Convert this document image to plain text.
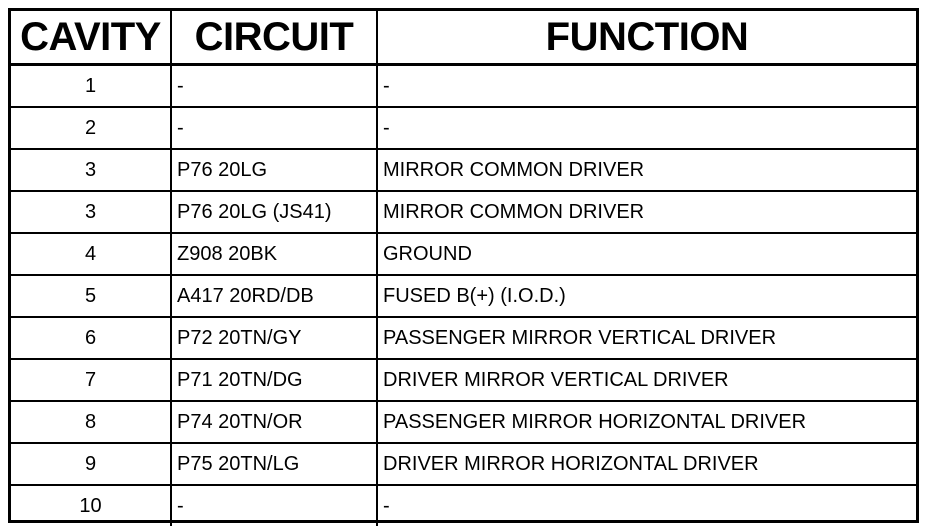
CAVITY	CIRCUIT	FUNCTION
1	-	-
2	-	-
3	P76 20LG	MIRROR COMMON DRIVER
3	P76 20LG (JS41)	MIRROR COMMON DRIVER
4	Z908 20BK	GROUND
5	A417 20RD/DB	FUSED B(+) (I.O.D.)
6	P72 20TN/GY	PASSENGER MIRROR VERTICAL DRIVER
7	P71 20TN/DG	DRIVER MIRROR VERTICAL DRIVER
8	P74 20TN/OR	PASSENGER MIRROR HORIZONTAL DRIVER
9	P75 20TN/LG	DRIVER MIRROR HORIZONTAL DRIVER
10	-	-
